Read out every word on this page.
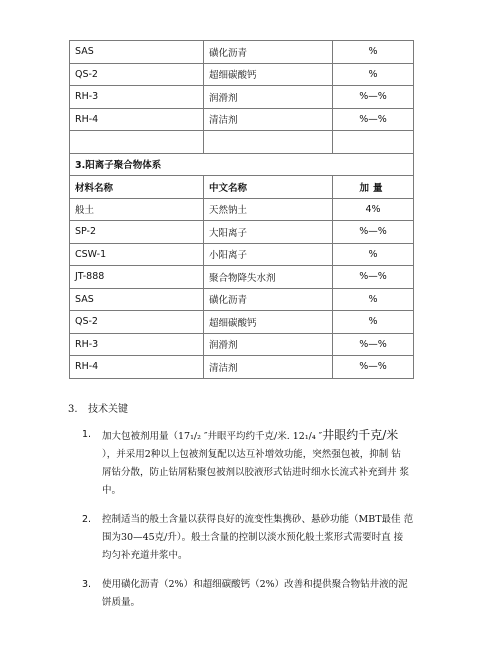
SAS	磺化沥青	%
QS-2	超细碳酸钙	%
RH-3	润滑剂	%—%
RH-4	清洁剂	%—%

3.阳离子聚合物体系		
材料名称	中文名称	加量
般土	天然钠土	4%
SP-2	大阳离子	%—%
CSW-1	小阳离子	%
JT-888	聚合物降失水剂	%—%
SAS	磺化沥青	%
QS-2	超细碳酸钙	%
RH-3	润滑剂	%—%
RH-4	清洁剂	%—%
3. 技术关键
1. 加大包被剂用量（17₁/₂ ″井眼平均约千克/米. 12₁/₄ ″井眼约千克/米
），并采用2种以上包被剂复配以达互补增效功能，突然强包被，抑制 钻
屑钻分散，防止钻屑粘聚包被剂以胶液形式钻进时细水长流式补充到井 浆
中。
2. 控制适当的般土含量以获得良好的流变性集携砂、悬砂功能（MBT最佳 范
围为30—45克/升）。般土含量的控制以淡水预化般土浆形式需要时直 接
均匀补充道井浆中。
3. 使用磺化沥青（2%）和超细碳酸钙（2%）改善和提供聚合物钻井液的泥
饼质量。
